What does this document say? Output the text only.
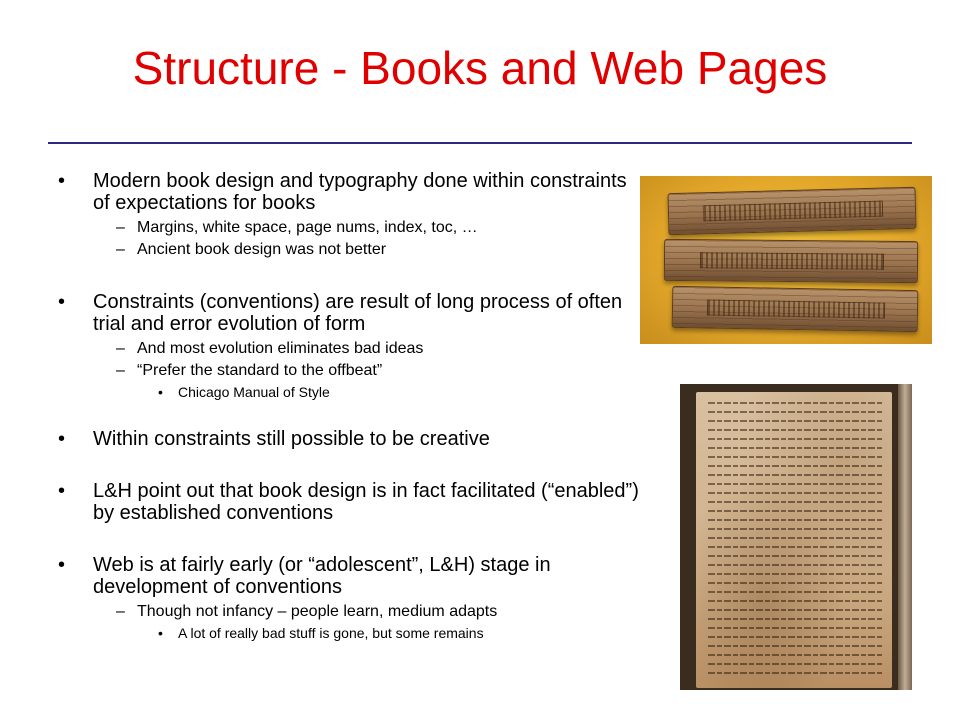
Structure - Books and Web Pages
• Modern book design and typography done within constraints of expectations for books
– Margins, white space, page nums, index, toc, …
– Ancient book design was not better
• Constraints (conventions) are result of long process of often trial and error evolution of form
– And most evolution eliminates bad ideas
– “Prefer the standard to the offbeat”
• Chicago Manual of Style
• Within constraints still possible to be creative
• L&H point out that book design is in fact facilitated (“enabled”) by established conventions
• Web is at fairly early (or “adolescent”, L&H) stage in development of conventions
– Though not infancy – people learn, medium adapts
• A lot of really bad stuff is gone, but some remains
